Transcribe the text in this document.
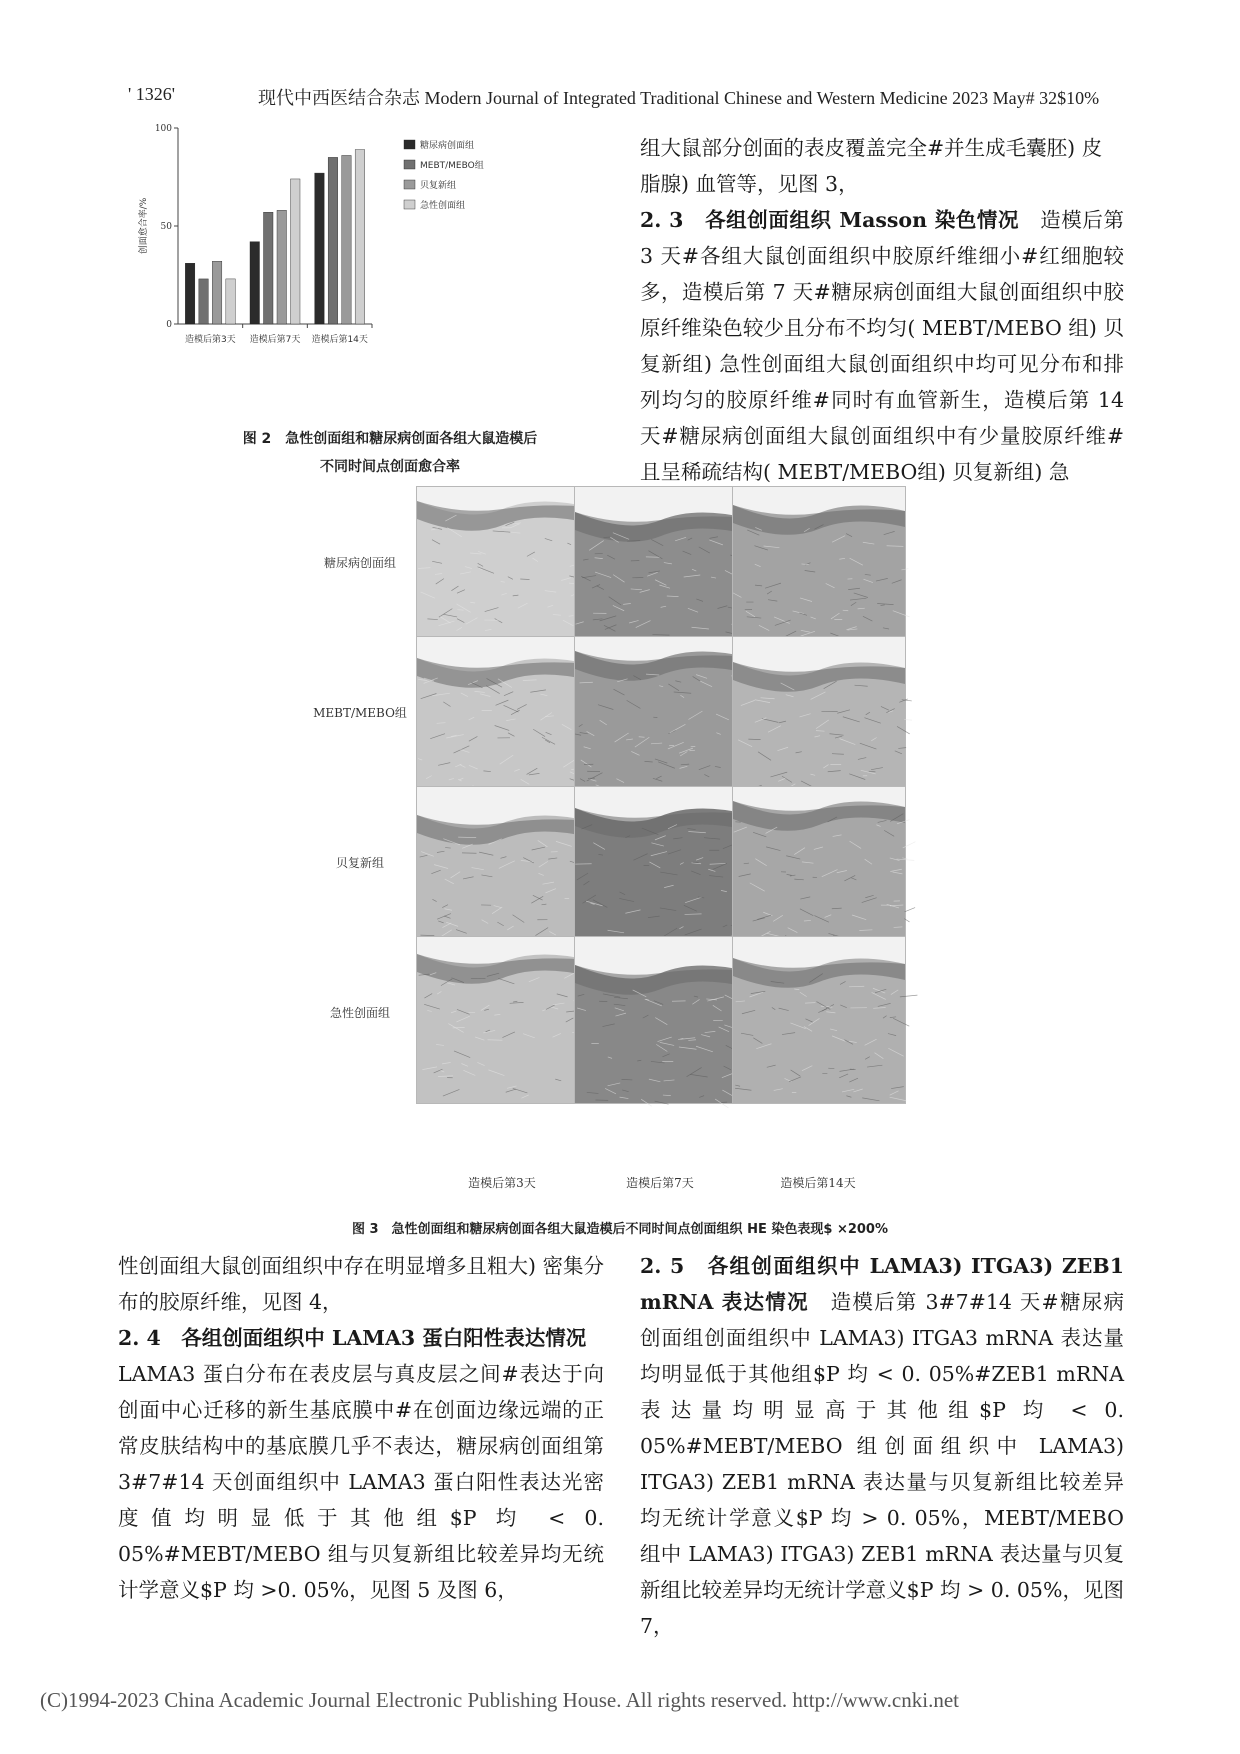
' 1326'	现代中西医结合杂志 Modern Journal of Integrated Traditional Chinese and Western Medicine 2023 May# 32$10%
0
50
100
创面愈合率/%
造模后第3天 造模后第7天 造模后第14天
糖尿病创面组
MEBT/MEBO组
贝复新组
急性创面组
图 2　急性创面组和糖尿病创面各组大鼠造模后
不同时间点创面愈合率
组大鼠部分创面的表皮覆盖完全#并生成毛囊胚) 皮
脂腺) 血管等，见图 3，
2. 3　各组创面组织 Masson 染色情况　造模后第 3 天#各组大鼠创面组织中胶原纤维细小#红细胞较多，造模后第 7 天#糖尿病创面组大鼠创面组织中胶原纤维染色较少且分布不均匀( MEBT/MEBO 组) 贝复新组) 急性创面组大鼠创面组织中均可见分布和排列均匀的胶原纤维#同时有血管新生，造模后第 14 天#糖尿病创面组大鼠创面组织中有少量胶原纤维#且呈稀疏结构( MEBT/MEBO组) 贝复新组) 急
糖尿病创面组
MEBT/MEBO组
贝复新组
急性创面组
造模后第3天	造模后第7天	造模后第14天
图 3　急性创面组和糖尿病创面各组大鼠造模后不同时间点创面组织 HE 染色表现$ ×200%
性创面组大鼠创面组织中存在明显增多且粗大) 密集分布的胶原纤维，见图 4，
2. 4　各组创面组织中 LAMA3 蛋白阳性表达情况　LAMA3 蛋白分布在表皮层与真皮层之间#表达于向创面中心迁移的新生基底膜中#在创面边缘远端的正常皮肤结构中的基底膜几乎不表达，糖尿病创面组第 3#7#14 天创面组织中 LAMA3 蛋白阳性表达光密度值均明显低于其他组$P 均 < 0. 05%#MEBT/MEBO 组与贝复新组比较差异均无统计学意义$P 均 >0. 05%，见图 5 及图 6，
2. 5　各组创面组织中 LAMA3) ITGA3) ZEB1 mRNA 表达情况　造模后第 3#7#14 天#糖尿病创面组创面组织中 LAMA3) ITGA3 mRNA 表达量均明显低于其他组$P 均 < 0. 05%#ZEB1 mRNA 表达量均明显高于其他组$P 均 < 0. 05%#MEBT/MEBO 组创面组织中 LAMA3) ITGA3) ZEB1 mRNA 表达量与贝复新组比较差异均无统计学意义$P 均 > 0. 05%，MEBT/MEBO 组中 LAMA3) ITGA3) ZEB1 mRNA 表达量与贝复新组比较差异均无统计学意义$P 均 > 0. 05%，见图 7，
(C)1994-2023 China Academic Journal Electronic Publishing House. All rights reserved. http://www.cnki.net
